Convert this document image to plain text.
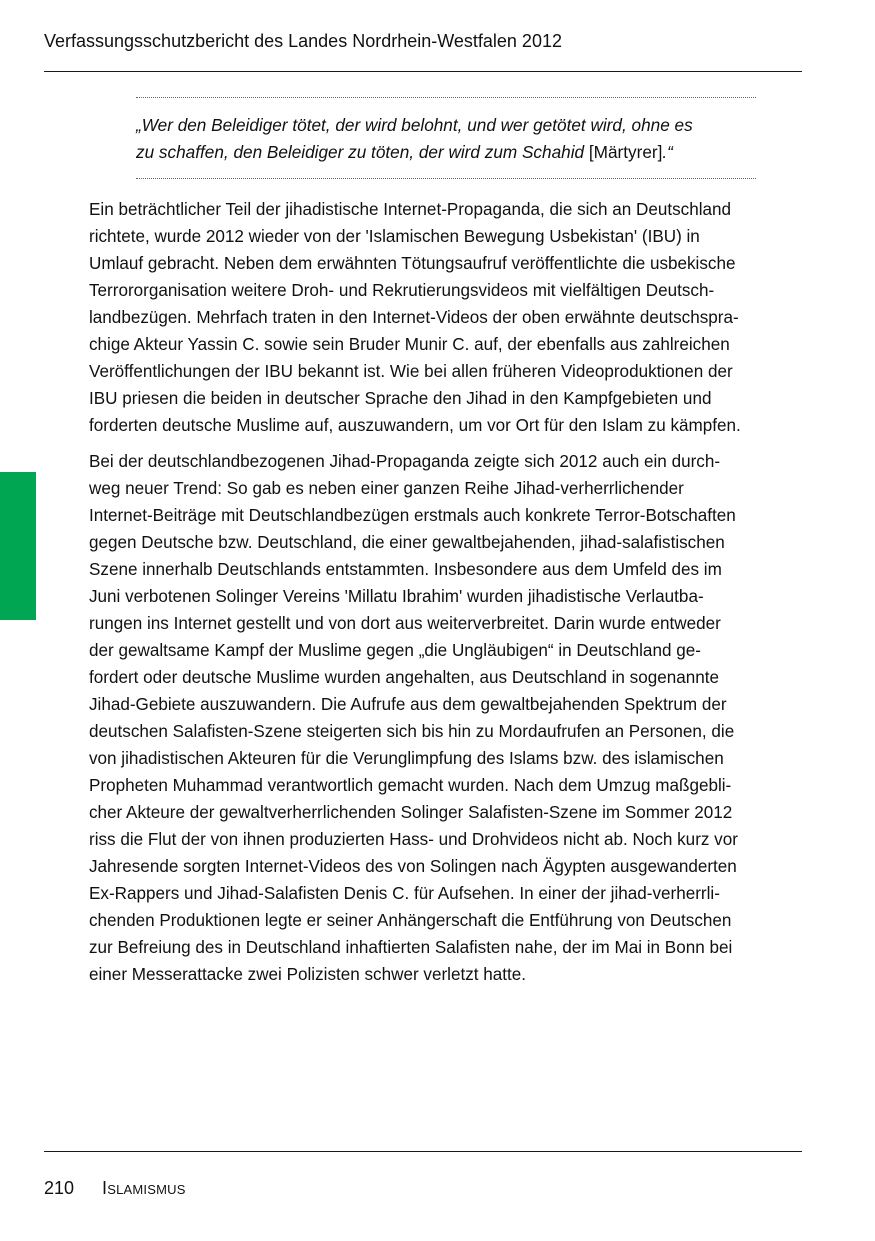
Verfassungsschutzbericht des Landes Nordrhein-Westfalen 2012

„Wer den Beleidiger tötet, der wird belohnt, und wer getötet wird, ohne es

zu schaffen, den Beleidiger zu töten, der wird zum Schahid [Märtyrer].“

Ein beträchtlicher Teil der jihadistische Internet-Propaganda, die sich an Deutschland
richtete, wurde 2012 wieder von der 'Islamischen Bewegung Usbekistan' (IBU) in
Umlauf gebracht. Neben dem erwähnten Tötungsaufruf veröffentlichte die usbekische
Terrororganisation weitere Droh- und Rekrutierungsvideos mit vielfältigen Deutsch-
landbezügen. Mehrfach traten in den Internet-Videos der oben erwähnte deutschspra-
chige Akteur Yassin C. sowie sein Bruder Munir C. auf, der ebenfalls aus zahlreichen
Veröffentlichungen der IBU bekannt ist. Wie bei allen früheren Videoproduktionen der
IBU priesen die beiden in deutscher Sprache den Jihad in den Kampfgebieten und
forderten deutsche Muslime auf, auszuwandern, um vor Ort für den Islam zu kämpfen.
Bei der deutschlandbezogenen Jihad-Propaganda zeigte sich 2012 auch ein durch-
weg neuer Trend: So gab es neben einer ganzen Reihe Jihad-verherrlichender
Internet-Beiträge mit Deutschlandbezügen erstmals auch konkrete Terror-Botschaften
gegen Deutsche bzw. Deutschland, die einer gewaltbejahenden, jihad-salafistischen
Szene innerhalb Deutschlands entstammten. Insbesondere aus dem Umfeld des im
Juni verbotenen Solinger Vereins 'Millatu Ibrahim' wurden jihadistische Verlautba-
rungen ins Internet gestellt und von dort aus weiterverbreitet. Darin wurde entweder
der gewaltsame Kampf der Muslime gegen „die Ungläubigen“ in Deutschland ge-
fordert oder deutsche Muslime wurden angehalten, aus Deutschland in sogenannte
Jihad-Gebiete auszuwandern. Die Aufrufe aus dem gewaltbejahenden Spektrum der
deutschen Salafisten-Szene steigerten sich bis hin zu Mordaufrufen an Personen, die
von jihadistischen Akteuren für die Verunglimpfung des Islams bzw. des islamischen
Propheten Muhammad verantwortlich gemacht wurden. Nach dem Umzug maßgebli-
cher Akteure der gewaltverherrlichenden Solinger Salafisten-Szene im Sommer 2012
riss die Flut der von ihnen produzierten Hass- und Drohvideos nicht ab. Noch kurz vor
Jahresende sorgten Internet-Videos des von Solingen nach Ägypten ausgewanderten
Ex-Rappers und Jihad-Salafisten Denis C. für Aufsehen. In einer der jihad-verherrli-
chenden Produktionen legte er seiner Anhängerschaft die Entführung von Deutschen
zur Befreiung des in Deutschland inhaftierten Salafisten nahe, der im Mai in Bonn bei
einer Messerattacke zwei Polizisten schwer verletzt hatte.
210 Islamismus
